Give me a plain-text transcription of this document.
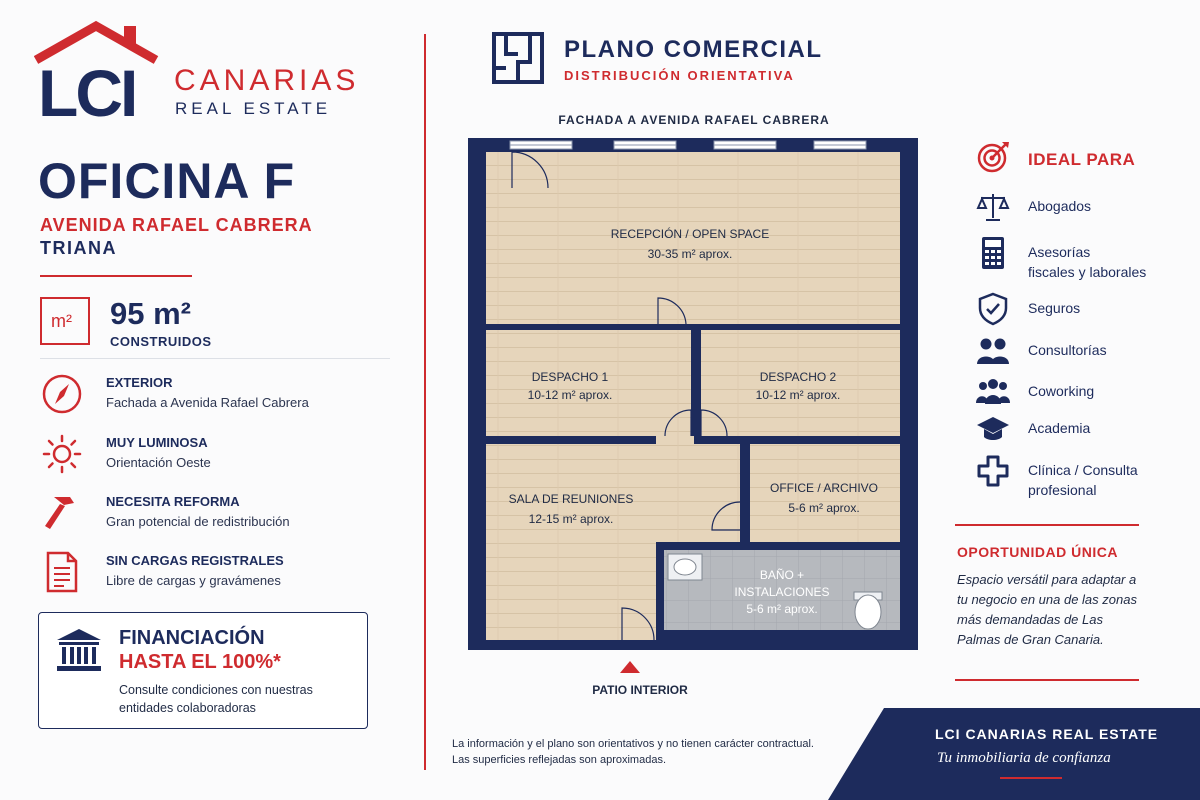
LCI CANARIAS
REAL ESTATE
OFICINA F
AVENIDA RAFAEL CABRERA
TRIANA
m² 95 m²
CONSTRUIDOS
EXTERIOR
Fachada a Avenida Rafael Cabrera
MUY LUMINOSA
Orientación Oeste
NECESITA REFORMA
Gran potencial de redistribución
SIN CARGAS REGISTRALES
Libre de cargas y gravámenes
FINANCIACIÓN
HASTA EL 100%*
Consulte condiciones con nuestras entidades colaboradoras
PLANO COMERCIAL
DISTRIBUCIÓN ORIENTATIVA
FACHADA A AVENIDA RAFAEL CABRERA
RECEPCIÓN / OPEN SPACE
30-35 m² aprox.
DESPACHO 1
10-12 m² aprox.
DESPACHO 2
10-12 m² aprox.
SALA DE REUNIONES
12-15 m² aprox.
OFFICE / ARCHIVO
5-6 m² aprox.
BAÑO +
INSTALACIONES
5-6 m² aprox.
PATIO INTERIOR
La información y el plano son orientativos y no tienen carácter contractual.
Las superficies reflejadas son aproximadas.
IDEAL PARA
Abogados
Asesorías
fiscales y laborales
Seguros
Consultorías
Coworking
Academia
Clínica / Consulta
profesional
OPORTUNIDAD ÚNICA
Espacio versátil para adaptar a tu negocio en una de las zonas más demandadas de Las Palmas de Gran Canaria.
LCI CANARIAS REAL ESTATE
Tu inmobiliaria de confianza
